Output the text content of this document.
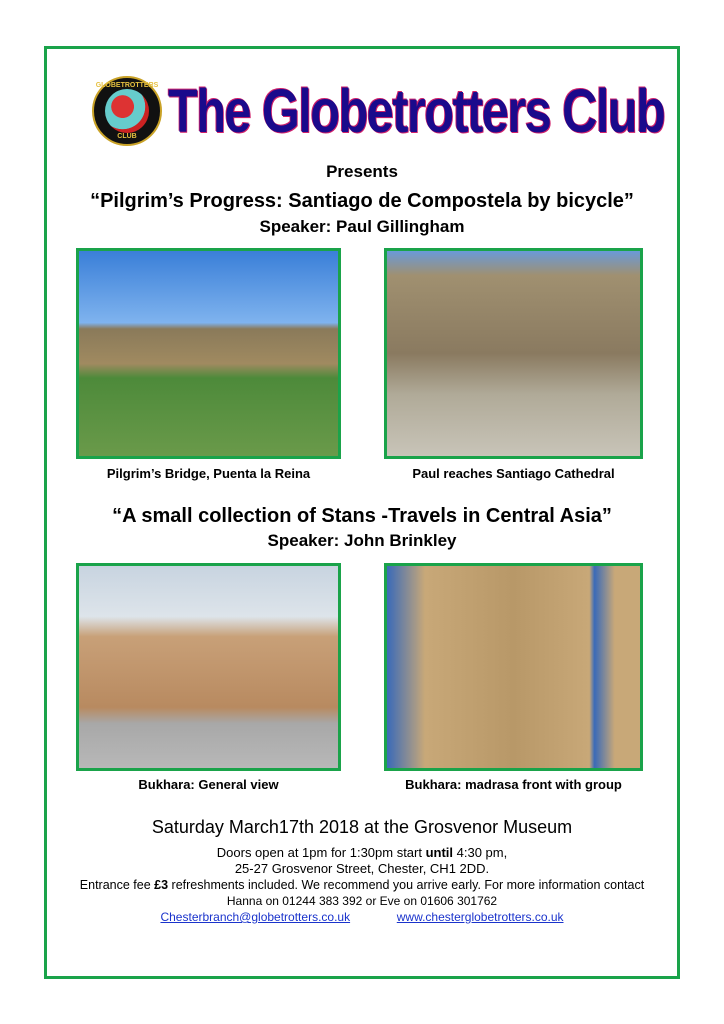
GLOBETROTTERS
CLUB The Globetrotters Club
Presents
“Pilgrim’s Progress: Santiago de Compostela by bicycle”
Speaker: Paul Gillingham
Pilgrim’s Bridge, Puenta la Reina	Paul reaches Santiago Cathedral
“A small collection of Stans -Travels in Central Asia”
Speaker: John Brinkley
Bukhara: General view	Bukhara: madrasa front with group
Saturday March17th 2018 at the Grosvenor Museum
Doors open at 1pm for 1:30pm start until 4:30 pm,
25-27 Grosvenor Street, Chester, CH1 2DD.
Entrance fee £3 refreshments included. We recommend you arrive early. For more information contact
Hanna on 01244 383 392 or Eve on 01606 301762
Chesterbranch@globetrotters.co.uk	www.chesterglobetrotters.co.uk
